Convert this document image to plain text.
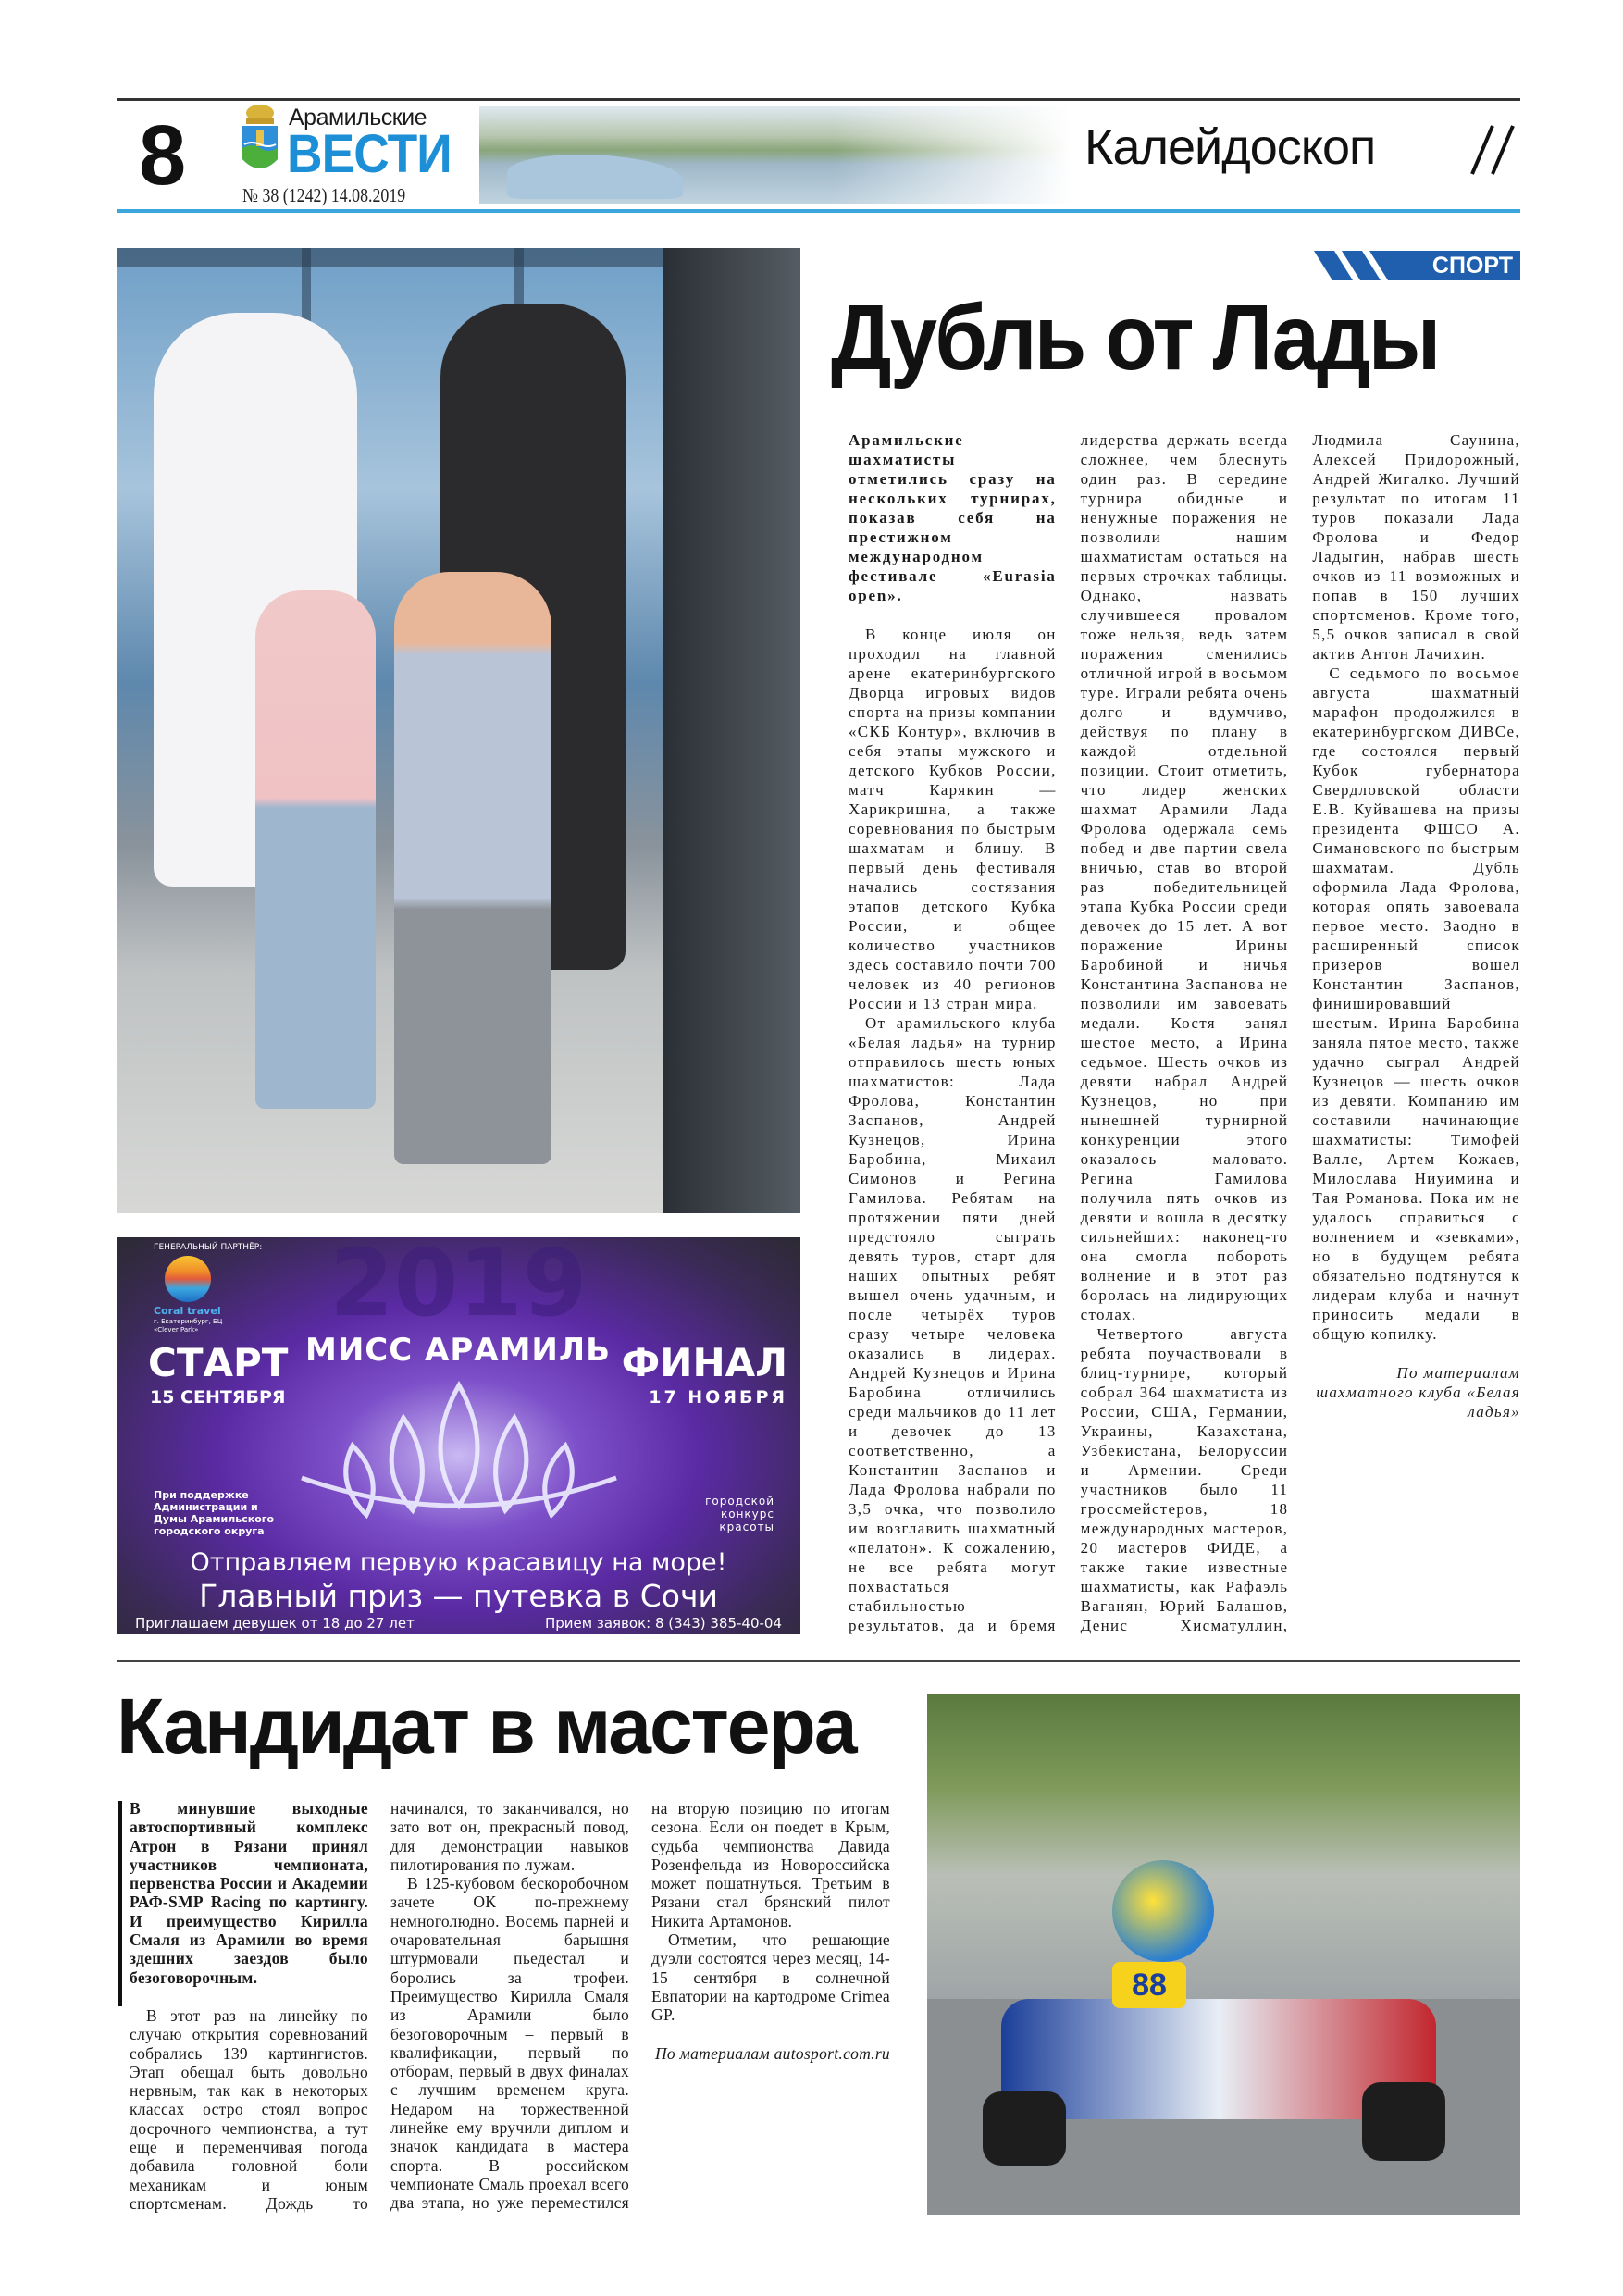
8	Арамильские
ВЕСТИ
№ 38 (1242) 14.08.2019
Калейдоскоп
СПОРТ
Дубль от Лады

Арамильские шахматисты отметились сразу на нескольких турнирах, показав себя на престижном международном фестивале «Eurasia open».

В конце июля он проходил на главной арене екатеринбургского Дворца игровых видов спорта на призы компании «СКБ Контур», включив в себя этапы мужского и детского Кубков России, матч Карякин — Харикришна, а также соревнования по быстрым шахматам и блицу. В первый день фестиваля начались состязания этапов детского Кубка России, и общее количество участников здесь составило почти 700 человек из 40 регионов России и 13 стран мира.

От арамильского клуба «Белая ладья» на турнир отправилось шесть юных шахматистов: Лада Фролова, Константин Заспанов, Андрей Кузнецов, Ирина Баробина, Михаил Симонов и Регина Гамилова. Ребятам на протяжении пяти дней предстояло сыграть девять туров, старт для наших опытных ребят вышел очень удачным, и после четырёх туров сразу четыре человека оказались в лидерах. Андрей Кузнецов и Ирина Баробина отличились среди мальчиков до 11 лет и девочек до 13 соответственно, а Константин Заспанов и Лада Фролова набрали по 3,5 очка, что позволило им возглавить шахматный «пелатон». К сожалению, не все ребята могут похвастаться стабильностью результатов, да и бремя лидерства держать всегда сложнее, чем блеснуть один раз. В середине турнира обидные и ненужные поражения не позволили нашим шахматистам остаться на первых строчках таблицы. Однако, назвать случившееся провалом тоже нельзя, ведь затем поражения сменились отличной игрой в восьмом туре. Играли ребята очень долго и вдумчиво, действуя по плану в каждой отдельной позиции. Стоит отметить, что лидер женских шахмат Арамили Лада Фролова одержала семь побед и две партии свела вничью, став во второй раз победительницей этапа Кубка России среди девочек до 15 лет. А вот поражение Ирины Баробиной и ничья Константина Заспанова не позволили им завоевать медали. Костя занял шестое место, а Ирина седьмое. Шесть очков из девяти набрал Андрей Кузнецов, но при нынешней турнирной конкуренции этого оказалось маловато. Регина Гамилова получила пять очков из девяти и вошла в десятку сильнейших: наконец-то она смогла побороть волнение и в этот раз боролась на лидирующих столах.

Четвертого августа ребята поучаствовали в блиц-турнире, который собрал 364 шахматиста из России, США, Германии, Украины, Казахстана, Узбекистана, Белоруссии и Армении. Среди участников было 11 гроссмейстеров, 18 международных мастеров, 20 мастеров ФИДЕ, а также такие известные шахматисты, как Рафаэль Ваганян, Юрий Балашов, Денис Хисматуллин, Людмила Саунина, Алексей Придорожный, Андрей Жигалко. Лучший результат по итогам 11 туров показали Лада Фролова и Федор Ладыгин, набрав шесть очков из 11 возможных и попав в 150 лучших спортсменов. Кроме того, 5,5 очков записал в свой актив Антон Лачихин.

С седьмого по восьмое августа шахматный марафон продолжился в екатеринбургском ДИВСе, где состоялся первый Кубок губернатора Свердловской области Е.В. Куйвашева на призы президента ФШСО А. Симановского по быстрым шахматам. Дубль оформила Лада Фролова, которая опять завоевала первое место. Заодно в расширенный список призеров вошел Константин Заспанов, финишировавший шестым. Ирина Баробина заняла пятое место, также удачно сыграл Андрей Кузнецов — шесть очков из девяти. Компанию им составили начинающие шахматисты: Тимофей Валле, Артем Кожаев, Милослава Ниуимина и Тая Романова. Пока им не удалось справиться с волнением и «зевками», но в будущем ребята обязательно подтянутся к лидерам клуба и начнут приносить медали в общую копилку.

По материалам шахматного клуба «Белая ладья»

ГЕНЕРАЛЬНЫЙ ПАРТНЁР:
Coral travel
г. Екатеринбург, БЦ «Clever Park»	2019
МИСС АРАМИЛЬ
СТАРТ
15 СЕНТЯБРЯ
ФИНАЛ
17 НОЯБРЯ
При поддержке Администрации и Думы Арамильского городского округа
городской конкурс красоты
Отправляем первую красавицу на море!
Главный приз — путевка в Сочи
Приглашаем девушек от 18 до 27 лет	Прием заявок: 8 (343) 385-40-04
Кандидат в мастера

В минувшие выходные автоспортивный комплекс Атрон в Рязани принял участников чемпионата, первенства России и Академии РАФ-SMP Racing по картингу. И преимущество Кирилла Смаля из Арамили во время здешних заездов было безоговорочным.

В этот раз на линейку по случаю открытия соревнований собрались 139 картингистов. Этап обещал быть довольно нервным, так как в некоторых классах остро стоял вопрос досрочного чемпионства, а тут еще и переменчивая погода добавила головной боли механикам и юным спортсменам. Дождь то начинался, то заканчивался, но зато вот он, прекрасный повод, для демонстрации навыков пилотирования по лужам.

В 125-кубовом бескоробочном зачете ОК по-прежнему немноголюдно. Восемь парней и очаровательная барышня штурмовали пьедестал и боролись за трофеи. Преимущество Кирилла Смаля из Арамили было безоговорочным – первый в квалификации, первый по отборам, первый в двух финалах с лучшим временем круга. Недаром на торжественной линейке ему вручили диплом и значок кандидата в мастера спорта. В российском чемпионате Смаль проехал всего два этапа, но уже переместился на вторую позицию по итогам сезона. Если он поедет в Крым, судьба чемпионства Давида Розенфельда из Новороссийска может пошатнуться. Третьим в Рязани стал брянский пилот Никита Артамонов.

Отметим, что решающие дуэли состоятся через месяц, 14-15 сентября в солнечной Евпатории на картодроме Crimea GP.

По материалам autosport.com.ru

88
